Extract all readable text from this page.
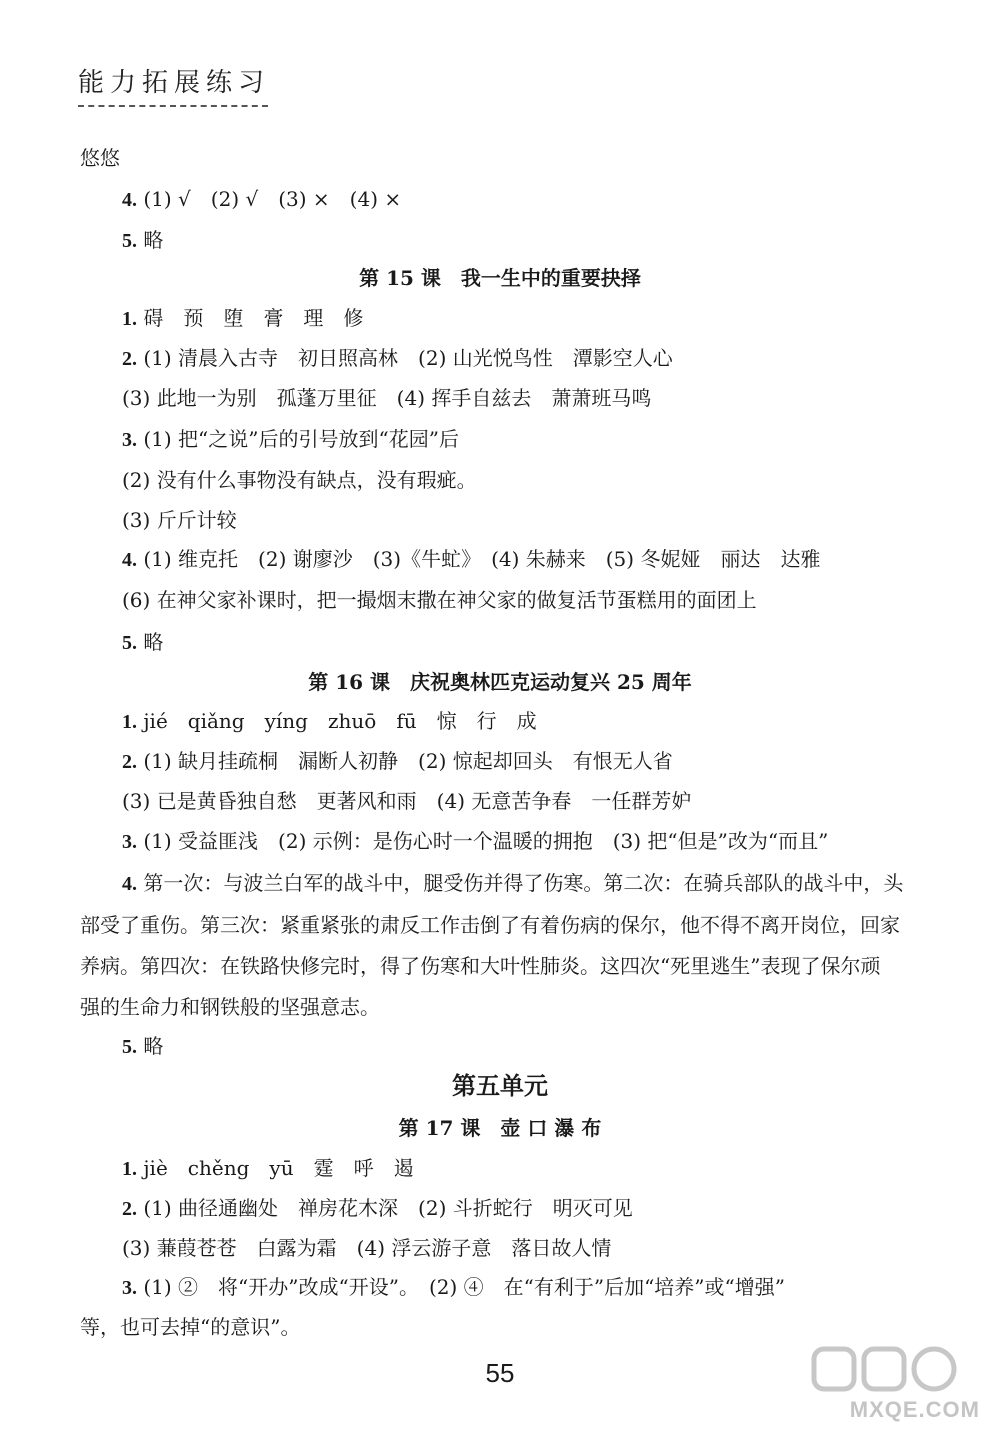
能力拓展练习
悠悠
4. (1) √　(2) √　(3) ×　(4) ×
5. 略
第 15 课　我一生中的重要抉择
1. 碍　预　堕　膏　理　修
2. (1) 清晨入古寺　初日照高林　(2) 山光悦鸟性　潭影空人心
(3) 此地一为别　孤蓬万里征　(4) 挥手自兹去　萧萧班马鸣
3. (1) 把“之说”后的引号放到“花园”后
(2) 没有什么事物没有缺点，没有瑕疵。
(3) 斤斤计较
4. (1) 维克托　(2) 谢廖沙　(3)《牛虻》　(4) 朱赫来　(5) 冬妮娅　丽达　达雅
(6) 在神父家补课时，把一撮烟末撒在神父家的做复活节蛋糕用的面团上
5. 略
第 16 课　庆祝奥林匹克运动复兴 25 周年
1. jié　qiǎng　yíng　zhuō　fū　惊　行　成
2. (1) 缺月挂疏桐　漏断人初静　(2) 惊起却回头　有恨无人省
(3) 已是黄昏独自愁　更著风和雨　(4) 无意苦争春　一任群芳妒
3. (1) 受益匪浅　(2) 示例：是伤心时一个温暖的拥抱　(3) 把“但是”改为“而且”
4. 第一次：与波兰白军的战斗中，腿受伤并得了伤寒。第二次：在骑兵部队的战斗中，头
部受了重伤。第三次：紧重紧张的肃反工作击倒了有着伤病的保尔，他不得不离开岗位，回家
养病。第四次：在铁路快修完时，得了伤寒和大叶性肺炎。这四次“死里逃生”表现了保尔顽
强的生命力和钢铁般的坚强意志。
5. 略
第五单元
第 17 课　壶 口 瀑 布
1. jiè　chěng　yū　霆　呼　遏
2. (1) 曲径通幽处　禅房花木深　(2) 斗折蛇行　明灭可见
(3) 蒹葭苍苍　白露为霜　(4) 浮云游子意　落日故人情
3. (1) ②　将“开办”改成“开设”。　(2) ④　在“有利于”后加“培养”或“增强”
等，也可去掉“的意识”。
55
MXQE.COM
